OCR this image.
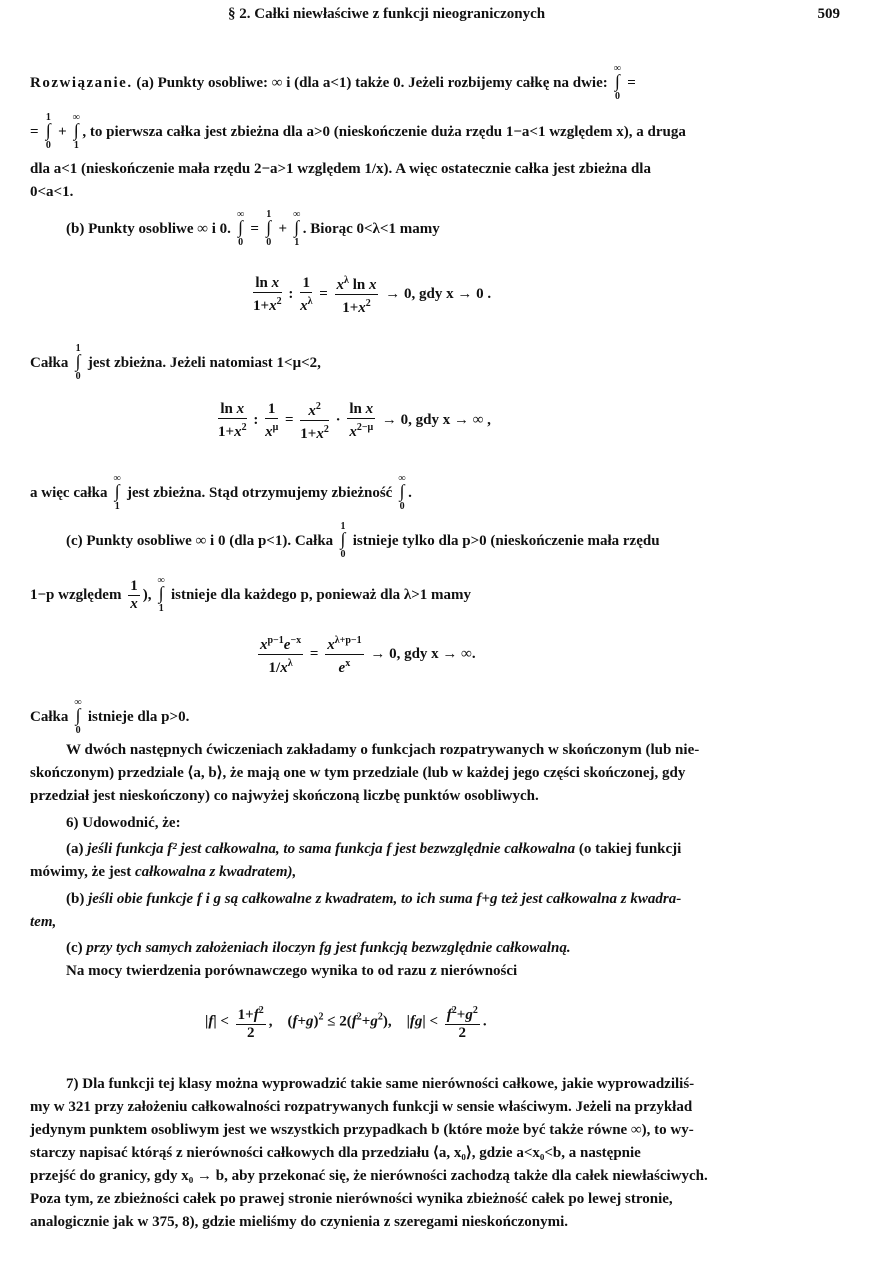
§ 2. Całki niewłaściwe z funkcji nieograniczonych	509
Rozwiązanie. (a) Punkty osobliwe: ∞ i (dla a<1) także 0. Jeżeli rozbijemy całkę na dwie:
∞
∫
0
=
=
1
∫
0
+
∞
∫
1
, to pierwsza całka jest zbieżna dla a>0 (nieskończenie duża rzędu 1−a<1 względem x), a druga
dla a<1 (nieskończenie mała rzędu 2−a>1 względem 1/x). A więc ostatecznie całka jest zbieżna dla
0<a<1.
(b) Punkty osobliwe ∞ i 0.
∞
∫
0
=
1
∫
0
+
∞
∫
1
. Biorąc 0<λ<1 mamy
$\frac{\text{ln x}}{1+x^2}$ : $\frac{1}{x^\lambda} = \frac{x^\lambda \ln x}{1+x^2} \to 0$, gdy x → 0 .
Całka
1
∫
0
jest zbieżna. Jeżeli natomiast 1<μ<2,
$\frac{\text{ln x}}{1+x^2}$ : $\frac{1}{x^\mu} = \frac{x^2}{1+x^2} \cdot \frac{\text{ln x}}{x^{2-\mu}} \to 0$, gdy x → ∞ ,
a więc całka
∞
∫
1
jest zbieżna. Stąd otrzymujemy zbieżność
∞
∫
0
.
(c) Punkty osobliwe ∞ i 0 (dla p<1). Całka
1
∫
0
istnieje tylko dla p>0 (nieskończenie mała rzędu
1−p względem $\frac{1}{x}$ ),
∞
∫
1
istnieje dla każdego p, ponieważ dla λ>1 mamy
$\frac{x^{p-1}e^{-x}}{1/x^\lambda} = \frac{x^{\lambda+p-1}}{e^x} \to 0$, gdy x → ∞.
Całka
∞
∫
0
istnieje dla p>0.
W dwóch następnych ćwiczeniach zakładamy o funkcjach rozpatrywanych w skończonym (lub nie-
skończonym) przedziale ⟨a, b⟩, że mają one w tym przedziale (lub w każdej jego części skończonej, gdy
przedział jest nieskończony) co najwyżej skończoną liczbę punktów osobliwych.
6) Udowodnić, że:
(a) jeśli funkcja f² jest całkowalna, to sama funkcja f jest bezwzględnie całkowalna (o takiej funkcji
mówimy, że jest całkowalna z kwadratem),
(b) jeśli obie funkcje f i g są całkowalne z kwadratem, to ich suma f+g też jest całkowalna z kwadra-
tem,
(c) przy tych samych założeniach iloczyn fg jest funkcją bezwzględnie całkowalną.
Na mocy twierdzenia porównawczego wynika to od razu z nierówności
$|f| < \frac{1+f^2}{2}$ ,    $(f+g)^2 \le 2(f^2+g^2)$,    $|fg| < \frac{f^2+g^2}{2}$ .
7) Dla funkcji tej klasy można wyprowadzić takie same nierówności całkowe, jakie wyprowadziliś-
my w 321 przy założeniu całkowalności rozpatrywanych funkcji w sensie właściwym. Jeżeli na przykład
jedynym punktem osobliwym jest we wszystkich przypadkach b (które może być także równe ∞), to wy-
starczy napisać którąś z nierówności całkowych dla przedziału ⟨a, x₀⟩, gdzie a<x₀<b, a następnie
przejść do granicy, gdy x₀ → b, aby przekonać się, że nierówności zachodzą także dla całek niewłaściwych.
Poza tym, ze zbieżności całek po prawej stronie nierówności wynika zbieżność całek po lewej stronie,
analogicznie jak w 375, 8), gdzie mieliśmy do czynienia z szeregami nieskończonymi.
